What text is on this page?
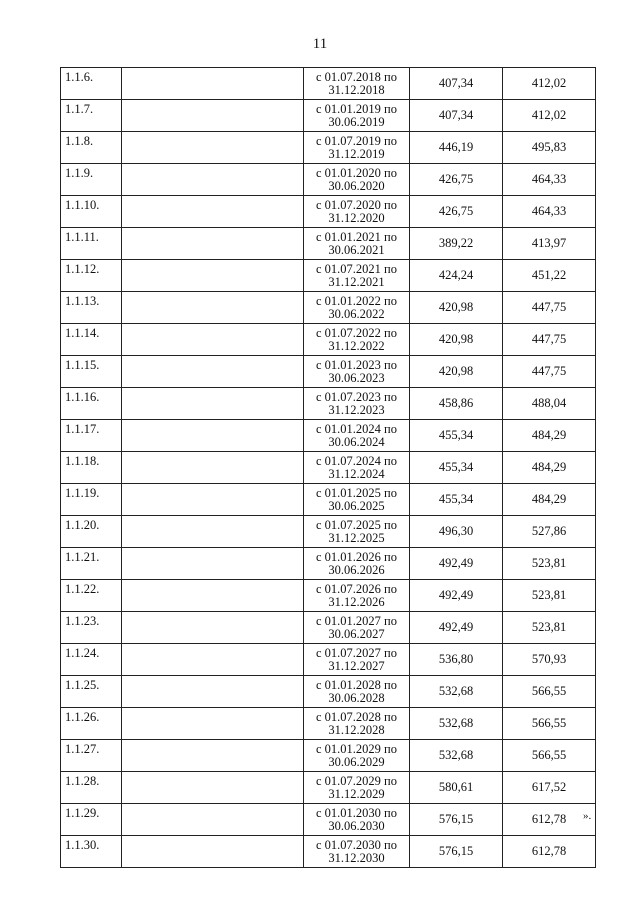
11
1.1.6.		с 01.07.2018 по
31.12.2018	407,34	412,02
1.1.7.		с 01.01.2019 по
30.06.2019	407,34	412,02
1.1.8.		с 01.07.2019 по
31.12.2019	446,19	495,83
1.1.9.		с 01.01.2020 по
30.06.2020	426,75	464,33
1.1.10.		с 01.07.2020 по
31.12.2020	426,75	464,33
1.1.11.		с 01.01.2021 по
30.06.2021	389,22	413,97
1.1.12.		с 01.07.2021 по
31.12.2021	424,24	451,22
1.1.13.		с 01.01.2022 по
30.06.2022	420,98	447,75
1.1.14.		с 01.07.2022 по
31.12.2022	420,98	447,75
1.1.15.		с 01.01.2023 по
30.06.2023	420,98	447,75
1.1.16.		с 01.07.2023 по
31.12.2023	458,86	488,04
1.1.17.		с 01.01.2024 по
30.06.2024	455,34	484,29
1.1.18.		с 01.07.2024 по
31.12.2024	455,34	484,29
1.1.19.		с 01.01.2025 по
30.06.2025	455,34	484,29
1.1.20.		с 01.07.2025 по
31.12.2025	496,30	527,86
1.1.21.		с 01.01.2026 по
30.06.2026	492,49	523,81
1.1.22.		с 01.07.2026 по
31.12.2026	492,49	523,81
1.1.23.		с 01.01.2027 по
30.06.2027	492,49	523,81
1.1.24.		с 01.07.2027 по
31.12.2027	536,80	570,93
1.1.25.		с 01.01.2028 по
30.06.2028	532,68	566,55
1.1.26.		с 01.07.2028 по
31.12.2028	532,68	566,55
1.1.27.		с 01.01.2029 по
30.06.2029	532,68	566,55
1.1.28.		с 01.07.2029 по
31.12.2029	580,61	617,52
1.1.29.		с 01.01.2030 по
30.06.2030	576,15	612,78
1.1.30.		с 01.07.2030 по
31.12.2030	576,15	612,78
».
